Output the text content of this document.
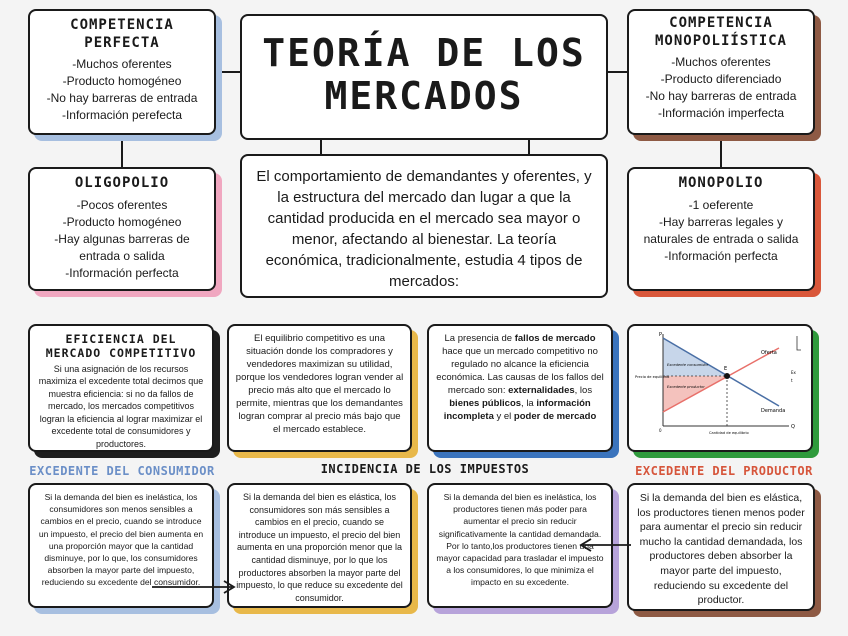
TEORÍA DE LOS
MERCADOS
El comportamiento de demandantes y oferentes, y la estructura del mercado dan lugar a que la cantidad producida en el mercado sea mayor o menor, afectando al bienestar. La teoría económica, tradicionalmente, estudia 4 tipos de mercados:
COMPETENCIA PERFECTA
-Muchos oferentes
-Producto homogéneo
-No hay barreras de entrada
-Información perefecta
COMPETENCIA MONOPOLIÍSTICA
-Muchos oferentes
-Producto diferenciado
-No hay barreras de entrada
-Información imperfecta
OLIGOPOLIO
-Pocos oferentes
-Producto homogéneo
-Hay algunas barreras de entrada o salida
-Información perfecta
MONOPOLIO
-1 oeferente
-Hay barreras legales y naturales de entrada o salida
-Información perfecta
EFICIENCIA DEL MERCADO COMPETITIVO
Si una asignación de los recursos maximiza el excedente total decimos que muestra eficiencia: si no da fallos de mercado, los mercados competitivos logran la eficiencia al lograr maximizar el excedente total de consumidores y productores.
El equilibrio competitivo es una situación donde los compradores y vendedores maximizan su utilidad, porque los vendedores logran vender al precio más alto que el mercado lo permite, mientras que los demandantes logran comprar al precio más bajo que el mercado establece.
La presencia de fallos de mercado hace que un mercado competitivo no regulado no alcance la eficiencia económica. Las causas de los fallos del mercado son: externalidades, los bienes públicos, la información incompleta y el poder de mercado
E
P
Q
0
Oferta
Demanda
Precio de equilibrio
Excedente consumidor
Excedente productor
Cantidad de equilibrio
Ex
t
EXCEDENTE DEL CONSUMIDOR	INCIDENCIA DE LOS IMPUESTOS	EXCEDENTE DEL PRODUCTOR
Si la demanda del bien es inelástica, los consumidores son menos sensibles a cambios en el precio, cuando se introduce un impuesto, el precio del bien aumenta en una proporción mayor que la cantidad disminuye, por lo que, los consumidores absorben la mayor parte del impuesto, reduciendo su excedente del consumidor.
Si la demanda del bien es elástica, los consumidores son más sensibles a cambios en el precio, cuando se introduce un impuesto, el precio del bien aumenta en una proporción menor que la cantidad disminuye, por lo que los productores absorben la mayor parte del impuesto, lo que reduce su excedente del consumidor.
Si la demanda del bien es inelástica, los productores tienen más poder para aumentar el precio sin reducir significativamente la cantidad demandada. Por lo tanto,los productores tienen una mayor capacidad para trasladar el impuesto a los consumidores, lo que minimiza el impacto en su excedente.
Si la demanda del bien es elástica, los productores tienen menos poder para aumentar el precio sin reducir mucho la cantidad demandada, los productores deben absorber la mayor parte del impuesto, reduciendo su excedente del productor.
